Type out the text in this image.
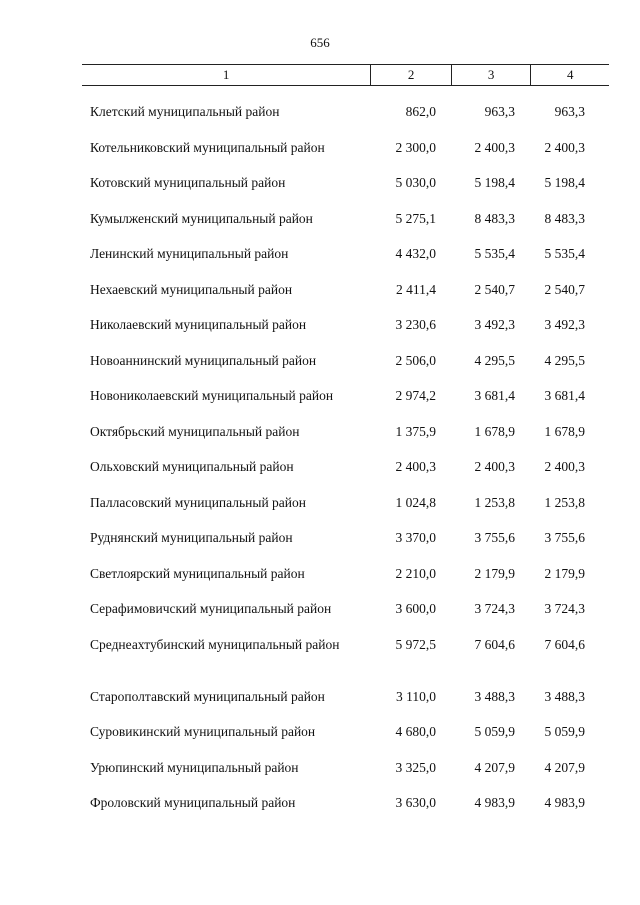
656
1	2	3	4
Клетский муниципальный район	862,0	963,3	963,3
Котельниковский муниципальный район	2 300,0	2 400,3	2 400,3
Котовский муниципальный район	5 030,0	5 198,4	5 198,4
Кумылженский муниципальный район	5 275,1	8 483,3	8 483,3
Ленинский муниципальный район	4 432,0	5 535,4	5 535,4
Нехаевский муниципальный район	2 411,4	2 540,7	2 540,7
Николаевский муниципальный район	3 230,6	3 492,3	3 492,3
Новоаннинский муниципальный район	2 506,0	4 295,5	4 295,5
Новониколаевский муниципальный район	2 974,2	3 681,4	3 681,4
Октябрьский муниципальный район	1 375,9	1 678,9	1 678,9
Ольховский муниципальный район	2 400,3	2 400,3	2 400,3
Палласовский муниципальный район	1 024,8	1 253,8	1 253,8
Руднянский муниципальный район	3 370,0	3 755,6	3 755,6
Светлоярский муниципальный район	2 210,0	2 179,9	2 179,9
Серафимовичский муниципальный район	3 600,0	3 724,3	3 724,3
Среднеахтубинский муниципальный район	5 972,5	7 604,6	7 604,6
Старополтавский муниципальный район	3 110,0	3 488,3	3 488,3
Суровикинский муниципальный район	4 680,0	5 059,9	5 059,9
Урюпинский муниципальный район	3 325,0	4 207,9	4 207,9
Фроловский муниципальный район	3 630,0	4 983,9	4 983,9
